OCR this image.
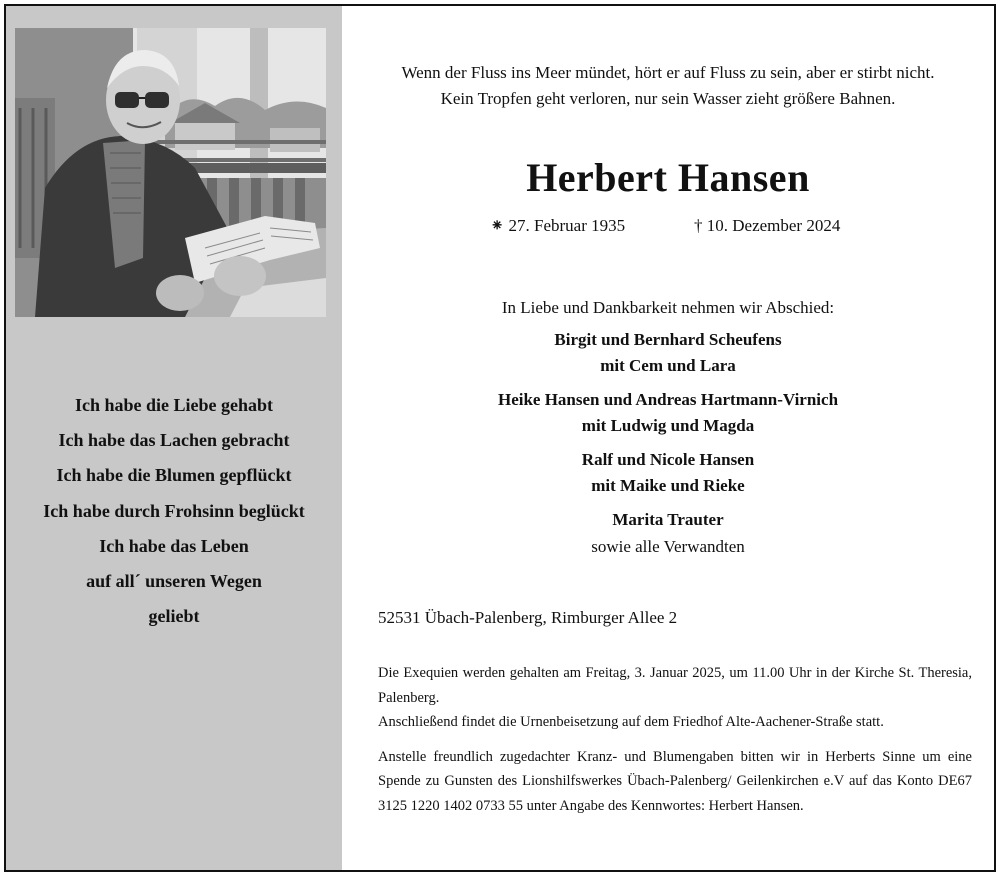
Ich habe die Liebe gehabt
Ich habe das Lachen gebracht
Ich habe die Blumen gepflückt
Ich habe durch Frohsinn beglückt
Ich habe das Leben
auf all´ unseren Wegen
geliebt
Wenn der Fluss ins Meer mündet, hört er auf Fluss zu sein, aber er stirbt nicht.
Kein Tropfen geht verloren, nur sein Wasser zieht größere Bahnen.
Herbert Hansen
⁕ 27. Februar 1935	† 10. Dezember 2024
In Liebe und Dankbarkeit nehmen wir Abschied:
Birgit und Bernhard Scheufens
mit Cem und Lara
Heike Hansen und Andreas Hartmann-Virnich
mit Ludwig und Magda
Ralf und Nicole Hansen
mit Maike und Rieke
Marita Trauter
sowie alle Verwandten
52531 Übach-Palenberg, Rimburger Allee 2

Die Exequien werden gehalten am Freitag, 3. Januar 2025, um 11.00 Uhr in der Kirche St. Theresia, Palenberg.

Anschließend findet die Urnenbeisetzung auf dem Friedhof Alte-Aachener-Straße statt.

Anstelle freundlich zugedachter Kranz- und Blumengaben bitten wir in Herberts Sinne um eine Spende zu Gunsten des Lionshilfswerkes Übach-Palenberg/ Geilenkirchen e.V auf das Konto DE67 3125 1220 1402 0733 55 unter Angabe des Kennwortes: Herbert Hansen.
